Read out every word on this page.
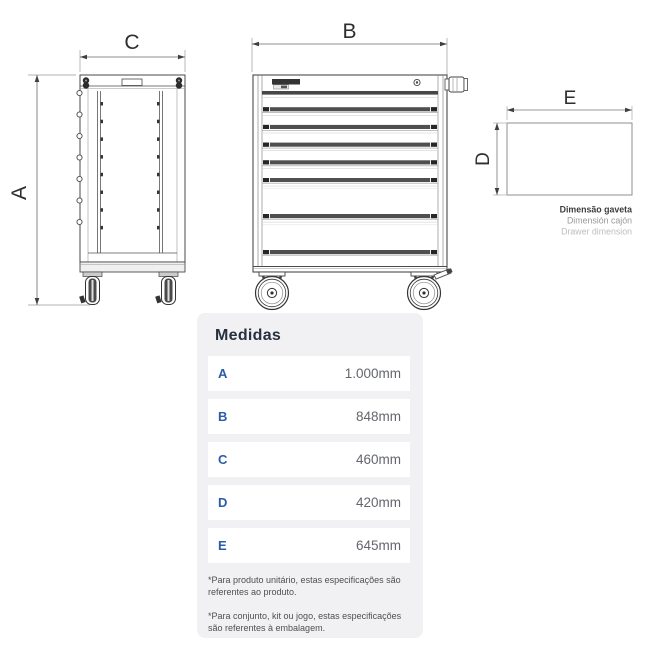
C
A
B
E
D
Dimensão gaveta
Dimensión cajón
Drawer dimension
Medidas
A	1.000mm
B	848mm
C	460mm
D	420mm
E	645mm

*Para produto unitário, estas especificações são referentes ao produto.

*Para conjunto, kit ou jogo, estas especificações são referentes à embalagem.
